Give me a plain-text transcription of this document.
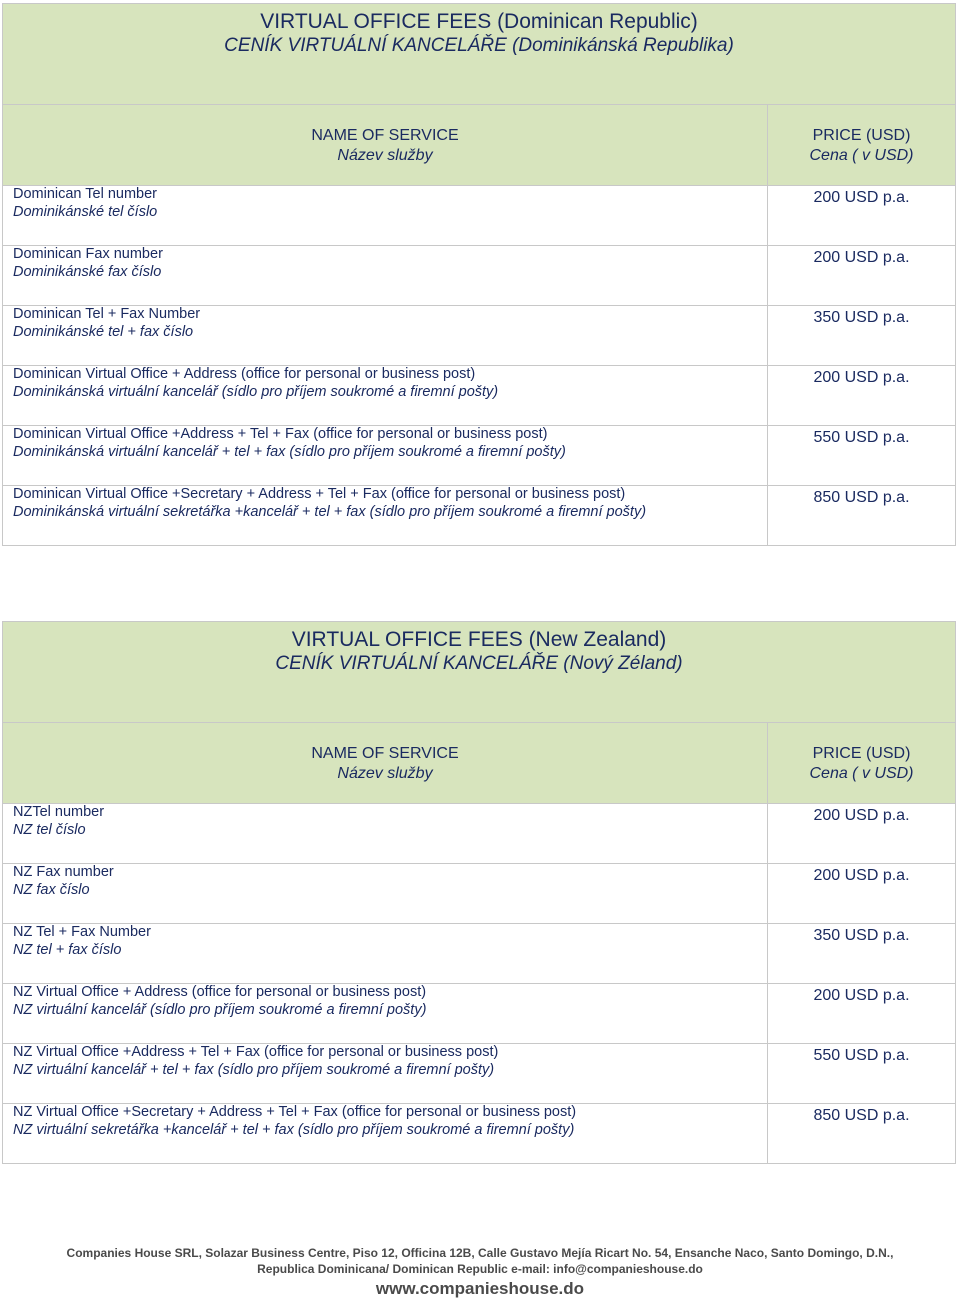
VIRTUAL OFFICE FEES (Dominican Republic)
CENÍK VIRTUÁLNÍ KANCELÁŘE (Dominikánská Republika)
NAME OF SERVICE
Název služby
PRICE (USD)
Cena ( v USD)
Dominican Tel number
Dominikánské tel číslo
200 USD p.a.
Dominican Fax number
Dominikánské fax číslo
200 USD p.a.
Dominican Tel + Fax Number
Dominikánské tel + fax číslo
350 USD p.a.
Dominican Virtual Office + Address (office for personal or business post)
Dominikánská virtuální kancelář (sídlo pro příjem soukromé a firemní pošty)
200 USD p.a.
Dominican Virtual Office +Address + Tel + Fax (office for personal or business post)
Dominikánská virtuální kancelář + tel + fax (sídlo pro příjem soukromé a firemní pošty)
550 USD p.a.
Dominican Virtual Office +Secretary + Address + Tel + Fax (office for personal or business post)
Dominikánská virtuální sekretářka +kancelář + tel + fax (sídlo pro příjem soukromé a firemní pošty)
850 USD p.a.
VIRTUAL OFFICE FEES (New Zealand)
CENÍK VIRTUÁLNÍ KANCELÁŘE (Nový Zéland)
NAME OF SERVICE
Název služby
PRICE (USD)
Cena ( v USD)
NZTel number
NZ tel číslo
200 USD p.a.
NZ Fax number
NZ fax číslo
200 USD p.a.
NZ Tel + Fax Number
NZ tel + fax číslo
350 USD p.a.
NZ Virtual Office + Address (office for personal or business post)
NZ virtuální kancelář (sídlo pro příjem soukromé a firemní pošty)
200 USD p.a.
NZ Virtual Office +Address + Tel + Fax (office for personal or business post)
NZ virtuální kancelář + tel + fax (sídlo pro příjem soukromé a firemní pošty)
550 USD p.a.
NZ Virtual Office +Secretary + Address + Tel + Fax (office for personal or business post)
NZ virtuální sekretářka +kancelář + tel + fax (sídlo pro příjem soukromé a firemní pošty)
850 USD p.a.
Companies House SRL, Solazar Business Centre, Piso 12, Officina 12B, Calle Gustavo Mejía Ricart No. 54, Ensanche Naco, Santo Domingo, D.N.,
Republica Dominicana/ Dominican Republic e-mail: info@companieshouse.do
www.companieshouse.do
